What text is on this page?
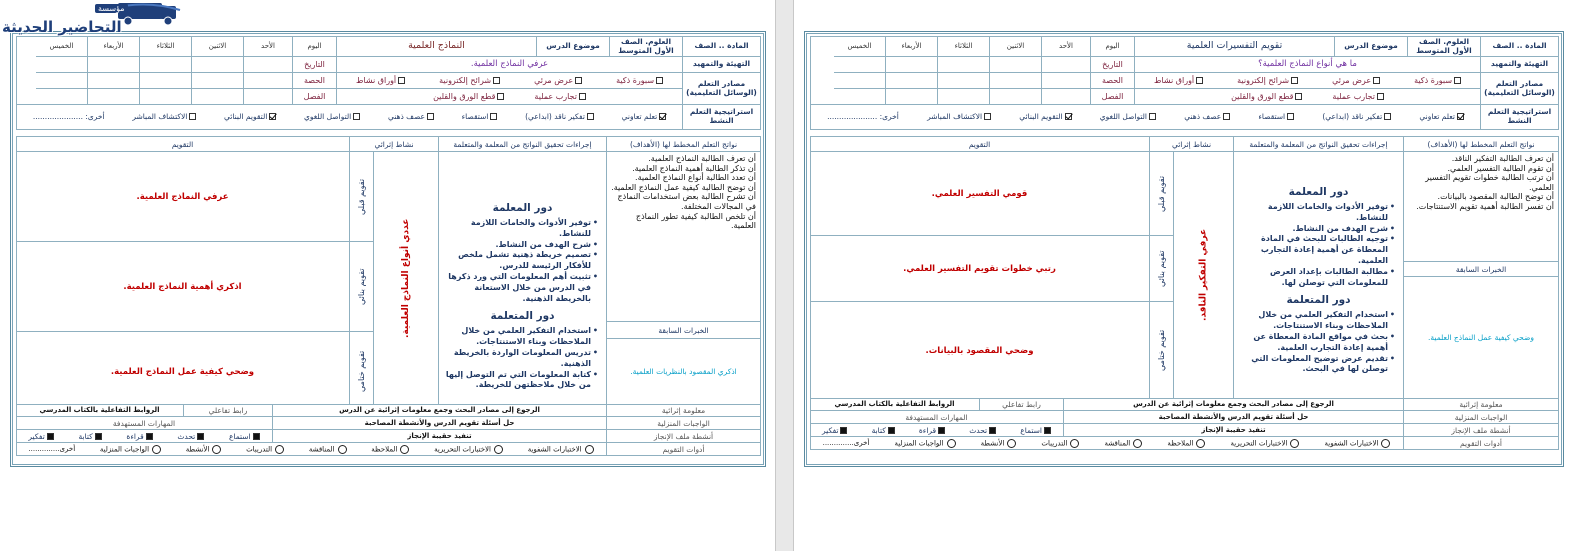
المادة .. الصف
العلوم. الصف الأول المتوسط
موضوع الدرس
النماذج العلمية
اليوم
الأحد
الاثنين
الثلاثاء
الأربعاء
الخميس
التهيئة والتمهيد
عرفي النماذج العلمية.
التاريخ
مصادر التعلم (الوسائل التعليمية)
سبورة ذكية
عرض مرئي
شرائح إلكترونية
أوراق نشاط
الحصة
تجارب عملية
قطع الورق والقلين
الفصل
استراتيجية التعلم النشط
تعلم تعاوني
تفكير ناقد (ابداعي)
استقصاء
عصف ذهني
التواصل اللغوي
التقويم البنائي
الاكتشاف المباشر
أخرى: .....................
نواتج التعلم المخطط لها (الأهداف)
إجراءات تحقيق النواتج من المعلمة والمتعلمة
نشاط إثرائي
التقويم
أن تعرف الطالبة النماذج العلمية.
أن تذكر الطالبة أهمية النماذج العلمية.
أن تعدد الطالبة أنواع النماذج العلمية.
أن توضح الطالبة كيفية عمل النماذج العلمية.
أن تشرح الطالبة بعض استخدامات النماذج في المجالات المختلفة.
أن تلخص الطالبة كيفية تطور النماذج العلمية.
دور المعلمة
• توفير الأدوات والخامات اللازمة للنشاط.
• شرح الهدف من النشاط.
• تصميم خريطة ذهنية تشمل ملخص للأفكار الرئيسة للدرس.
• تثبيت أهم المعلومات التي ورد ذكرها في الدرس من خلال الاستعانة بالخريطة الذهنية.
دور المتعلمة
• استخدام التفكير العلمي من خلال الملاحظات وبناء الاستنتاجات.
• تدريس المعلومات الواردة بالخريطة الذهنية.
• كتابة المعلومات التي تم التوصل إليها من خلال ملاحظتهن للخريطة.
عددي أنواع النماذج العلمية.
تقويم قبلي
تقويم بنائي
تقويم ختامي
عرفي النماذج العلمية.
اذكري أهمية النماذج العلمية.
وضحي كيفية عمل النماذج العلمية.
الخبرات السابقة
اذكري المقصود بالنظريات العلمية.
معلومة إثرائية
الرجوع إلى مصادر البحث وجمع معلومات إثرائية عن الدرس
رابط تفاعلي
الروابط التفاعلية بالكتاب المدرسي
الواجبات المنزلية
حل أسئلة تقويم الدرس والأنشطة المصاحبة
المهارات المستهدفة
أنشطة ملف الإنجاز
تنفيذ حقيبة الإنجاز
استماع
تحدث
قراءة
كتابة
تفكير
أدوات التقويم
الاختبارات الشفوية
الاختبارات التحريرية
الملاحظة
المناقشة
التدريبات
الأنشطة
الواجبات المنزلية
أخرى..............
مؤسسة
التحاضير الحديثة
المادة .. الصف
العلوم. الصف الأول المتوسط
موضوع الدرس
تقويم التفسيرات العلمية
اليوم
الأحد
الاثنين
الثلاثاء
الأربعاء
الخميس
التهيئة والتمهيد
ما هي أنواع النماذج العلمية؟
التاريخ
مصادر التعلم (الوسائل التعليمية)
سبورة ذكية
عرض مرئي
شرائح إلكترونية
أوراق نشاط
الحصة
تجارب عملية
قطع الورق والقلين
الفصل
استراتيجية التعلم النشط
تعلم تعاوني
تفكير ناقد (ابداعي)
استقصاء
عصف ذهني
التواصل اللغوي
التقويم البنائي
الاكتشاف المباشر
أخرى: .....................
نواتج التعلم المخطط لها (الأهداف)
إجراءات تحقيق النواتج من المعلمة والمتعلمة
نشاط إثرائي
التقويم
أن تعرف الطالبة التفكير الناقد.
أن تقوم الطالبة التفسير العلمي.
أن ترتب الطالبة خطوات تقويم التفسير العلمي.
أن توضح الطالبة المقصود بالبيانات.
أن تفسر الطالبة أهمية تقويم الاستنتاجات.
دور المعلمة
• توفير الأدوات والخامات اللازمة للنشاط.
• شرح الهدف من النشاط.
• توجيه الطالبات للبحث في المادة المعطاة عن أهمية إعادة التجارب العلمية.
• مطالبة الطالبات بإعداد العرض للمعلومات التي توصلن لها.
دور المتعلمة
• استخدام التفكير العلمي من خلال الملاحظات وبناء الاستنتاجات.
• بحث في مواقع المادة المعطاة عن أهمية إعادة التجارب العلمية.
• تقديم عرض توضيح المعلومات التي توصلن لها في البحث.
عرفي التفكير الناقد.
تقويم قبلي
تقويم بنائي
تقويم ختامي
قومي التفسير العلمي.
رتبي خطوات تقويم التفسير العلمي.
وضحي المقصود بالبيانات.
الخبرات السابقة
وضحي كيفية عمل النماذج العلمية.
معلومة إثرائية
الرجوع إلى مصادر البحث وجمع معلومات إثرائية عن الدرس
رابط تفاعلي
الروابط التفاعلية بالكتاب المدرسي
الواجبات المنزلية
حل أسئلة تقويم الدرس والأنشطة المصاحبة
المهارات المستهدفة
أنشطة ملف الإنجاز
تنفيذ حقيبة الإنجاز
استماع
تحدث
قراءة
كتابة
تفكير
أدوات التقويم
الاختبارات الشفوية
الاختبارات التحريرية
الملاحظة
المناقشة
التدريبات
الأنشطة
الواجبات المنزلية
أخرى..............
